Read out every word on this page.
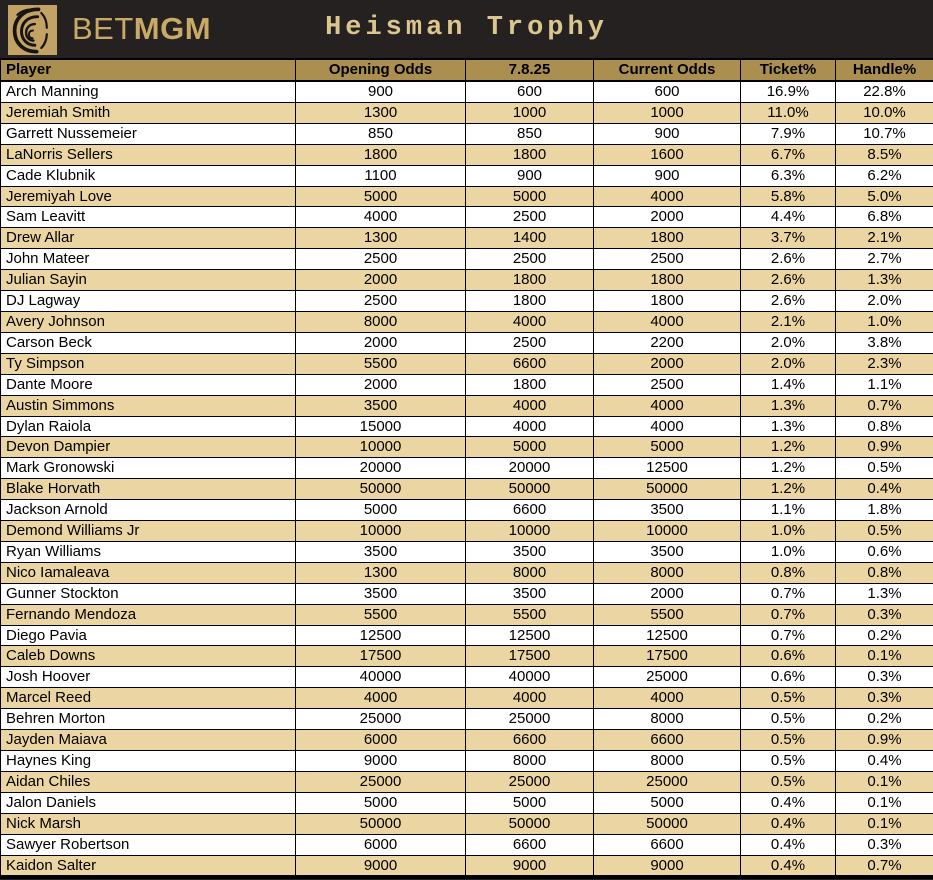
BETMGM	Heisman Trophy
Player	Opening Odds	7.8.25	Current Odds	Ticket%	Handle%
Arch Manning	900	600	600	16.9%	22.8%
Jeremiah Smith	1300	1000	1000	11.0%	10.0%
Garrett Nussemeier	850	850	900	7.9%	10.7%
LaNorris Sellers	1800	1800	1600	6.7%	8.5%
Cade Klubnik	1100	900	900	6.3%	6.2%
Jeremiyah Love	5000	5000	4000	5.8%	5.0%
Sam Leavitt	4000	2500	2000	4.4%	6.8%
Drew Allar	1300	1400	1800	3.7%	2.1%
John Mateer	2500	2500	2500	2.6%	2.7%
Julian Sayin	2000	1800	1800	2.6%	1.3%
DJ Lagway	2500	1800	1800	2.6%	2.0%
Avery Johnson	8000	4000	4000	2.1%	1.0%
Carson Beck	2000	2500	2200	2.0%	3.8%
Ty Simpson	5500	6600	2000	2.0%	2.3%
Dante Moore	2000	1800	2500	1.4%	1.1%
Austin Simmons	3500	4000	4000	1.3%	0.7%
Dylan Raiola	15000	4000	4000	1.3%	0.8%
Devon Dampier	10000	5000	5000	1.2%	0.9%
Mark Gronowski	20000	20000	12500	1.2%	0.5%
Blake Horvath	50000	50000	50000	1.2%	0.4%
Jackson Arnold	5000	6600	3500	1.1%	1.8%
Demond Williams Jr	10000	10000	10000	1.0%	0.5%
Ryan Williams	3500	3500	3500	1.0%	0.6%
Nico Iamaleava	1300	8000	8000	0.8%	0.8%
Gunner Stockton	3500	3500	2000	0.7%	1.3%
Fernando Mendoza	5500	5500	5500	0.7%	0.3%
Diego Pavia	12500	12500	12500	0.7%	0.2%
Caleb Downs	17500	17500	17500	0.6%	0.1%
Josh Hoover	40000	40000	25000	0.6%	0.3%
Marcel Reed	4000	4000	4000	0.5%	0.3%
Behren Morton	25000	25000	8000	0.5%	0.2%
Jayden Maiava	6000	6600	6600	0.5%	0.9%
Haynes King	9000	8000	8000	0.5%	0.4%
Aidan Chiles	25000	25000	25000	0.5%	0.1%
Jalon Daniels	5000	5000	5000	0.4%	0.1%
Nick Marsh	50000	50000	50000	0.4%	0.1%
Sawyer Robertson	6000	6600	6600	0.4%	0.3%
Kaidon Salter	9000	9000	9000	0.4%	0.7%
